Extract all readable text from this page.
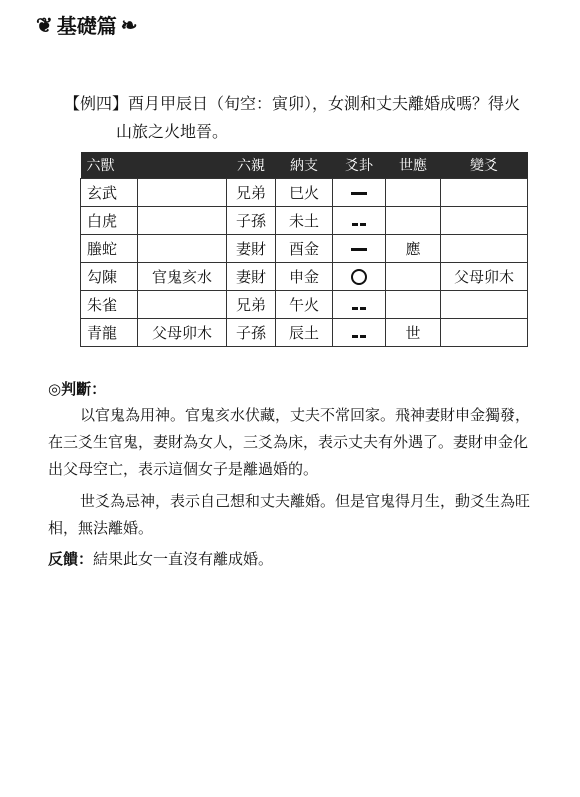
❦ 基礎篇 ❧
【例四】酉月甲辰日（旬空：寅卯），女測和丈夫離婚成嗎？得火
山旅之火地晉。
六獸		六親	納支	爻卦	世應	變爻
玄武		兄弟	巳火			
白虎		子孫	未土			
螣蛇		妻財	酉金		應	
勾陳	官鬼亥水	妻財	申金			父母卯木
朱雀		兄弟	午火			
青龍	父母卯木	子孫	辰土		世	
◎判斷：
以官鬼為用神。官鬼亥水伏藏，丈夫不常回家。飛神妻財申金獨發，在三爻生官鬼，妻財為女人，三爻為床，表示丈夫有外遇了。妻財申金化出父母空亡，表示這個女子是離過婚的。
世爻為忌神，表示自己想和丈夫離婚。但是官鬼得月生，動爻生為旺相，無法離婚。
反饋：結果此女一直沒有離成婚。
